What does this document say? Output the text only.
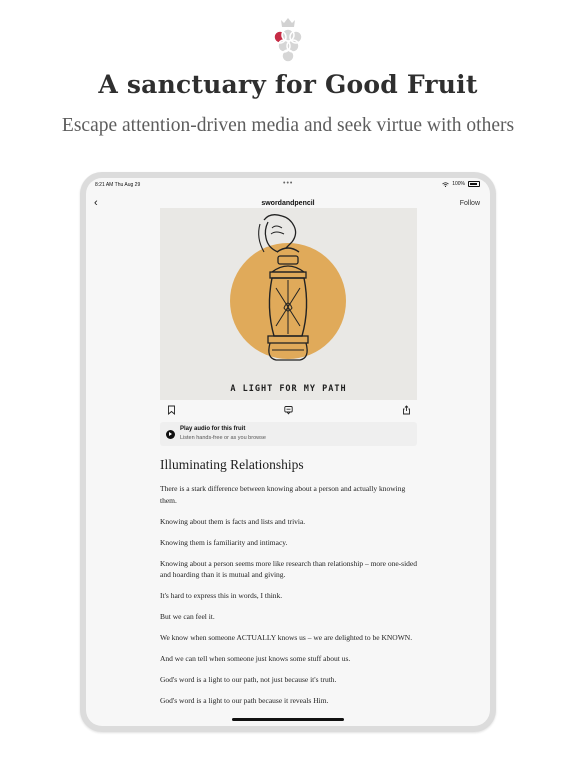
A sanctuary for Good Fruit
Escape attention-driven media and seek virtue with others
8:21 AM Thu Aug 29	•••	100%
‹	swordandpencil	Follow
A LIGHT FOR MY PATH
Play audio for this fruit
Listen hands-free or as you browse
Illuminating Relationships

There is a stark difference between knowing about a person and actually knowing them.

Knowing about them is facts and lists and trivia.

Knowing them is familiarity and intimacy.

Knowing about a person seems more like research than relationship – more one-sided and hoarding than it is mutual and giving.

It's hard to express this in words, I think.

But we can feel it.

We know when someone ACTUALLY knows us – we are delighted to be KNOWN.

And we can tell when someone just knows some stuff about us.

God's word is a light to our path, not just because it's truth.

God's word is a light to our path because it reveals Him.
